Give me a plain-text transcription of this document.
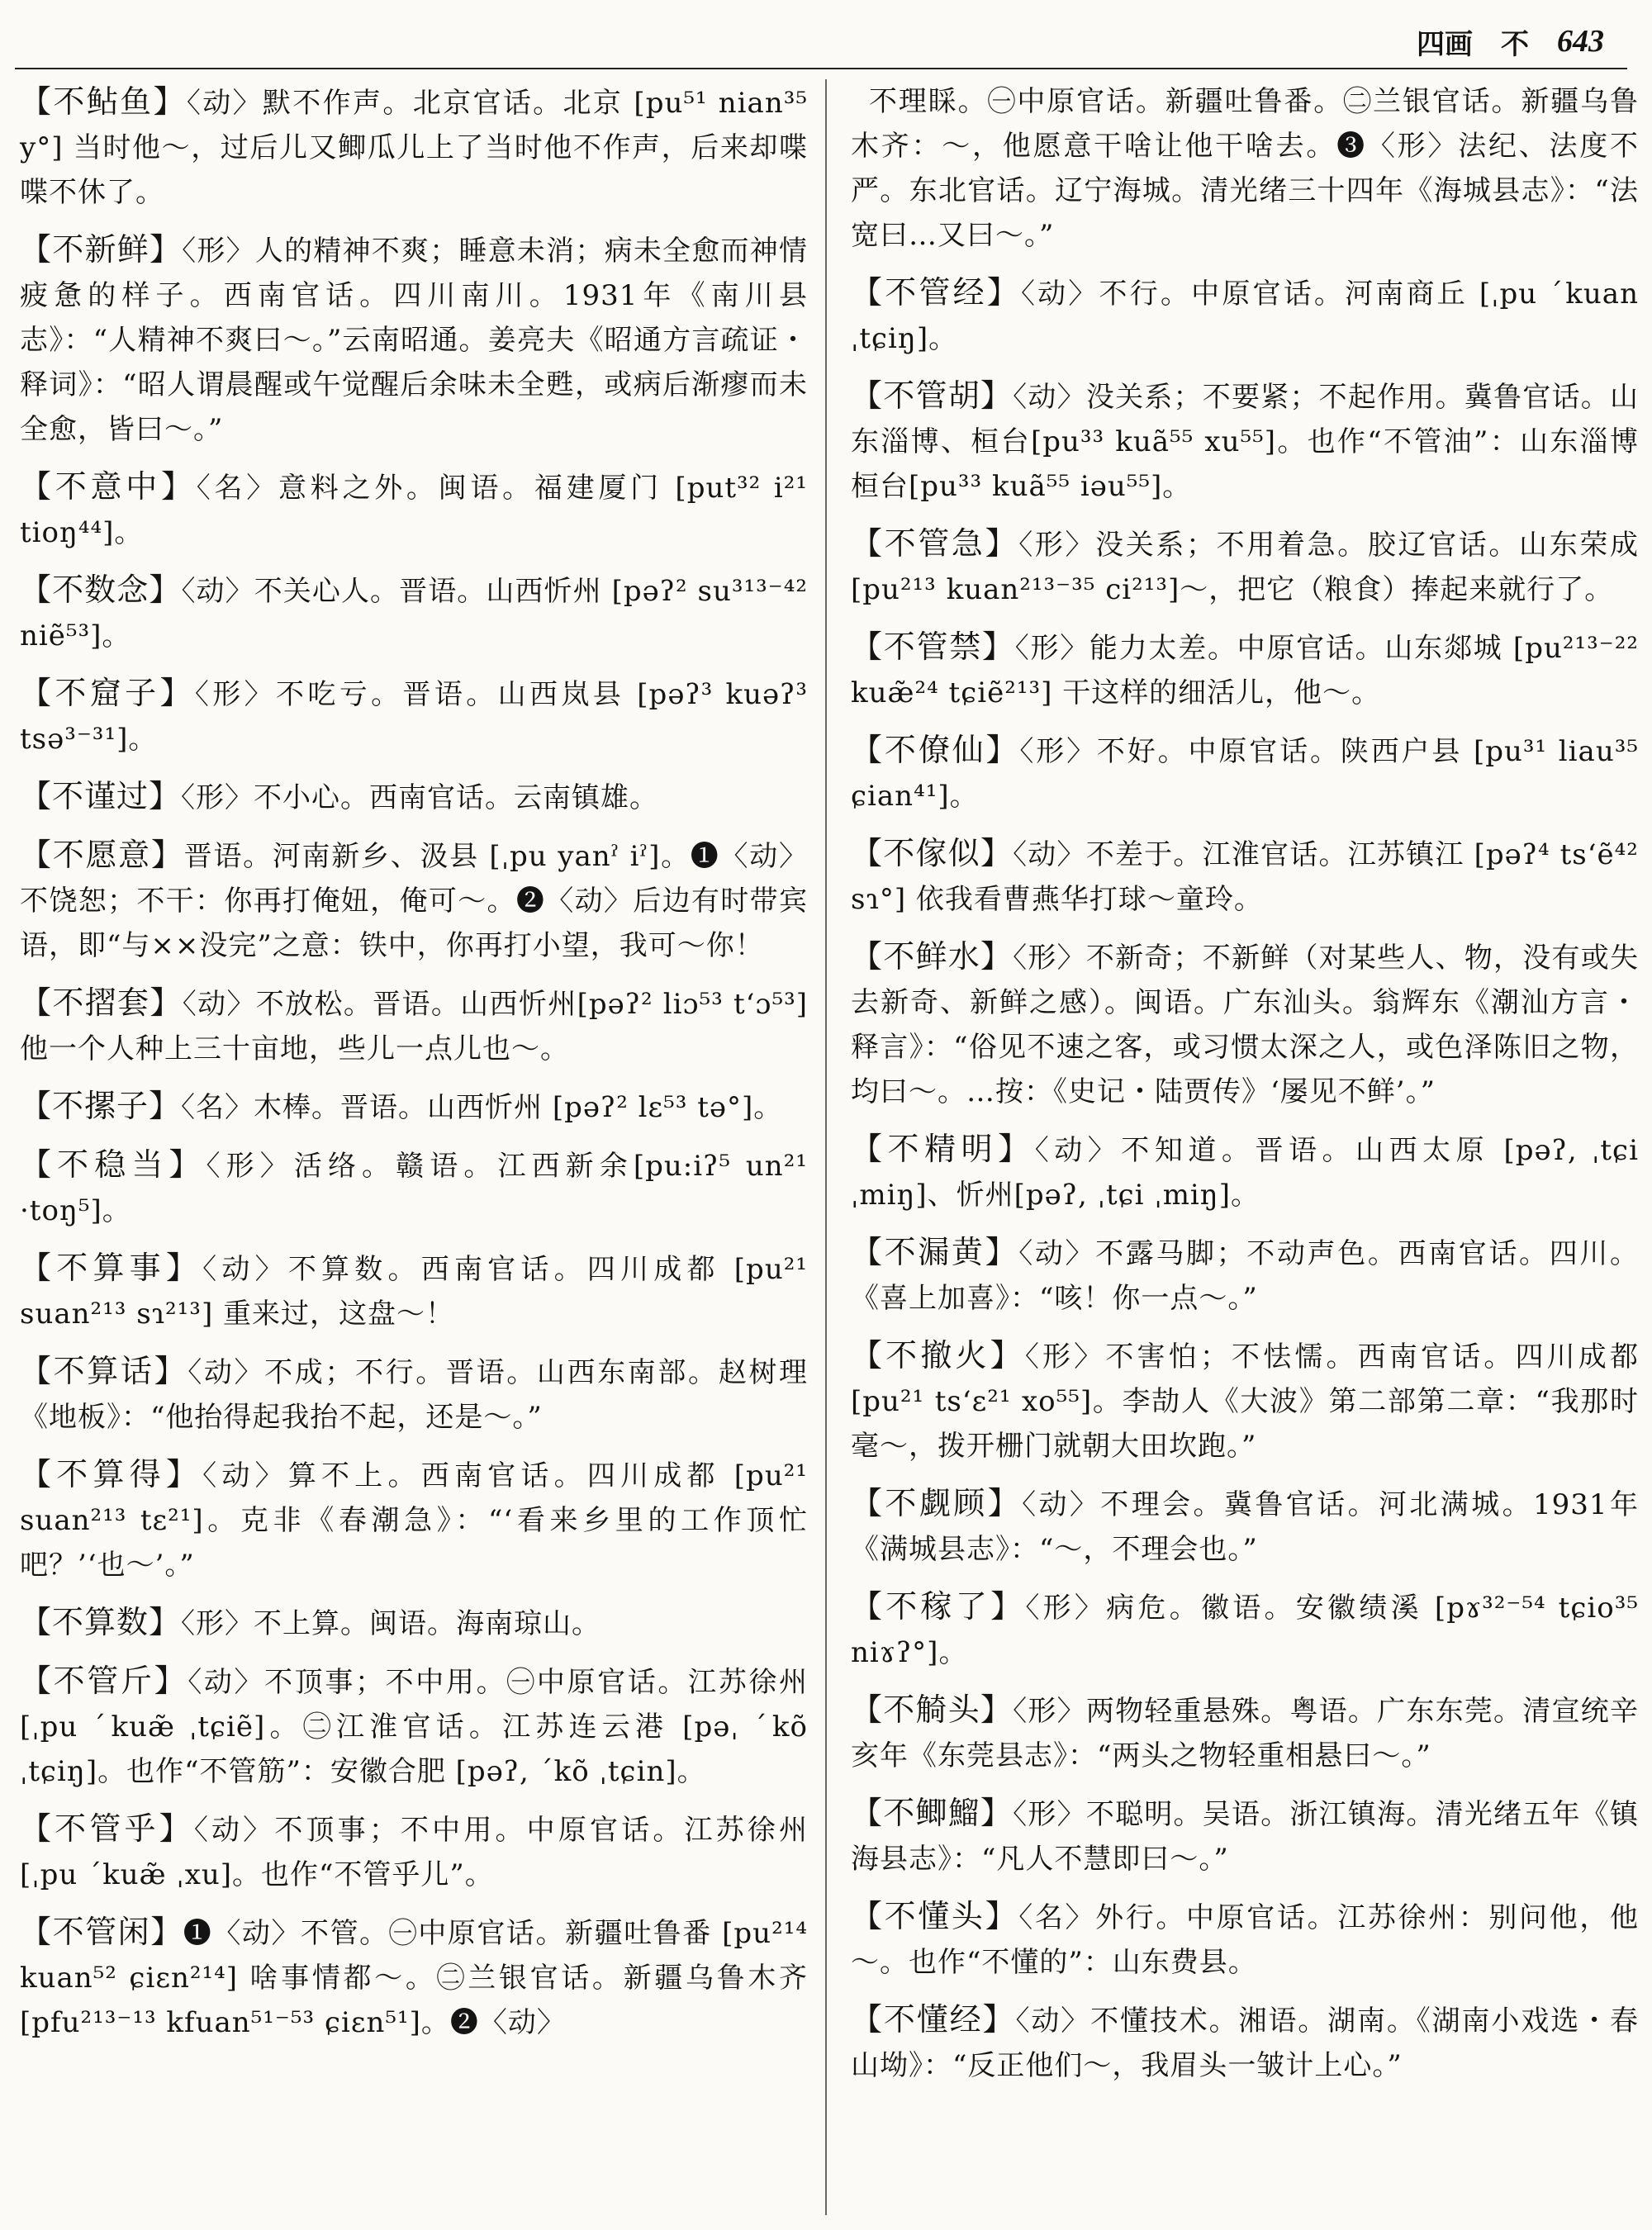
四画 不 643

【不鲇鱼】〈动〉默不作声。北京官话。北京 [pu⁵¹ nian³⁵ y°] 当时他～，过后儿又鲫瓜儿上了当时他不作声，后来却喋喋不休了。

【不新鲜】〈形〉人的精神不爽；睡意未消；病未全愈而神情疲惫的样子。西南官话。四川南川。1931年《南川县志》：“人精神不爽曰～。”云南昭通。姜亮夫《昭通方言疏证・释词》：“昭人谓晨醒或午觉醒后余味未全甦，或病后渐瘳而未全愈，皆曰～。”

【不意中】〈名〉意料之外。闽语。福建厦门 [put³² i²¹ tioŋ⁴⁴]。

【不数念】〈动〉不关心人。晋语。山西忻州 [pəʔ² su³¹³⁻⁴² niẽ⁵³]。

【不窟子】〈形〉不吃亏。晋语。山西岚县 [pəʔ³ kuəʔ³ tsə³⁻³¹]。

【不谨过】〈形〉不小心。西南官话。云南镇雄。

【不愿意】晋语。河南新乡、汲县 [ˌpu yanˀ iˀ]。❶〈动〉不饶恕；不干：你再打俺妞，俺可～。❷〈动〉后边有时带宾语，即“与××没完”之意：铁中，你再打小望，我可～你！

【不摺套】〈动〉不放松。晋语。山西忻州[pəʔ² liɔ⁵³ t‘ɔ⁵³]他一个人种上三十亩地，些儿一点儿也～。

【不摞子】〈名〉木棒。晋语。山西忻州 [pəʔ² lɛ⁵³ tə°]。

【不稳当】〈形〉活络。赣语。江西新余[pu:iʔ⁵ un²¹ ·toŋ⁵]。

【不算事】〈动〉不算数。西南官话。四川成都 [pu²¹ suan²¹³ sɿ²¹³] 重来过，这盘～！

【不算话】〈动〉不成；不行。晋语。山西东南部。赵树理《地板》：“他抬得起我抬不起，还是～。”

【不算得】〈动〉算不上。西南官话。四川成都 [pu²¹ suan²¹³ tɛ²¹]。克非《春潮急》：“‘看来乡里的工作顶忙吧？’‘也～’。”

【不算数】〈形〉不上算。闽语。海南琼山。

【不管斤】〈动〉不顶事；不中用。㊀中原官话。江苏徐州 [ˌpu ˊkuæ̃ ˌtɕiẽ]。㊁江淮官话。江苏连云港 [pəˌ ˊkõ ˌtɕiŋ]。也作“不管筋”：安徽合肥 [pəʔ, ˊkõ ˌtɕin]。

【不管乎】〈动〉不顶事；不中用。中原官话。江苏徐州 [ˌpu ˊkuæ̃ ˌxu]。也作“不管乎儿”。

【不管闲】❶〈动〉不管。㊀中原官话。新疆吐鲁番 [pu²¹⁴ kuan⁵² ɕiɛn²¹⁴] 啥事情都～。㊁兰银官话。新疆乌鲁木齐[pfu²¹³⁻¹³ kfuan⁵¹⁻⁵³ ɕiɛn⁵¹]。❷〈动〉

不理睬。㊀中原官话。新疆吐鲁番。㊁兰银官话。新疆乌鲁木齐：～，他愿意干啥让他干啥去。❸〈形〉法纪、法度不严。东北官话。辽宁海城。清光绪三十四年《海城县志》：“法宽曰…又曰～。”

【不管经】〈动〉不行。中原官话。河南商丘 [ˌpu ˊkuan ˌtɕiŋ]。

【不管胡】〈动〉没关系；不要紧；不起作用。冀鲁官话。山东淄博、桓台[pu³³ kuã⁵⁵ xu⁵⁵]。也作“不管油”：山东淄博桓台[pu³³ kuã⁵⁵ iəu⁵⁵]。

【不管急】〈形〉没关系；不用着急。胶辽官话。山东荣成 [pu²¹³ kuan²¹³⁻³⁵ ci²¹³]～，把它（粮食）捧起来就行了。

【不管禁】〈形〉能力太差。中原官话。山东郯城 [pu²¹³⁻²² kuæ̃²⁴ tɕiẽ²¹³] 干这样的细活儿，他～。

【不僚仙】〈形〉不好。中原官话。陕西户县 [pu³¹ liau³⁵ ɕian⁴¹]。

【不傢似】〈动〉不差于。江淮官话。江苏镇江 [pəʔ⁴ ts‘ẽ⁴² sɿ°] 依我看曹燕华打球～童玲。

【不鲜水】〈形〉不新奇；不新鲜（对某些人、物，没有或失去新奇、新鲜之感）。闽语。广东汕头。翁辉东《潮汕方言・释言》：“俗见不速之客，或习惯太深之人，或色泽陈旧之物，均曰～。…按：《史记・陆贾传》‘屡见不鲜’。”

【不精明】〈动〉不知道。晋语。山西太原 [pəʔ, ˌtɕi ˌmiŋ]、忻州[pəʔ, ˌtɕi ˌmiŋ]。

【不漏黄】〈动〉不露马脚；不动声色。西南官话。四川。《喜上加喜》：“咳！你一点～。”

【不撤火】〈形〉不害怕；不怯懦。西南官话。四川成都 [pu²¹ ts‘ɛ²¹ xo⁵⁵]。李劼人《大波》第二部第二章：“我那时毫～，拨开栅门就朝大田坎跑。”

【不觑顾】〈动〉不理会。冀鲁官话。河北满城。1931年《满城县志》：“～，不理会也。”

【不稼了】〈形〉病危。徽语。安徽绩溪 [pɤ³²⁻⁵⁴ tɕio³⁵ niɤʔ°]。

【不觭头】〈形〉两物轻重悬殊。粤语。广东东莞。清宣统辛亥年《东莞县志》：“两头之物轻重相悬曰～。”

【不鲫鰡】〈形〉不聪明。吴语。浙江镇海。清光绪五年《镇海县志》：“凡人不慧即曰～。”

【不懂头】〈名〉外行。中原官话。江苏徐州：别问他，他～。也作“不懂的”：山东费县。

【不懂经】〈动〉不懂技术。湘语。湖南。《湖南小戏选・春山坳》：“反正他们～，我眉头一皱计上心。”
